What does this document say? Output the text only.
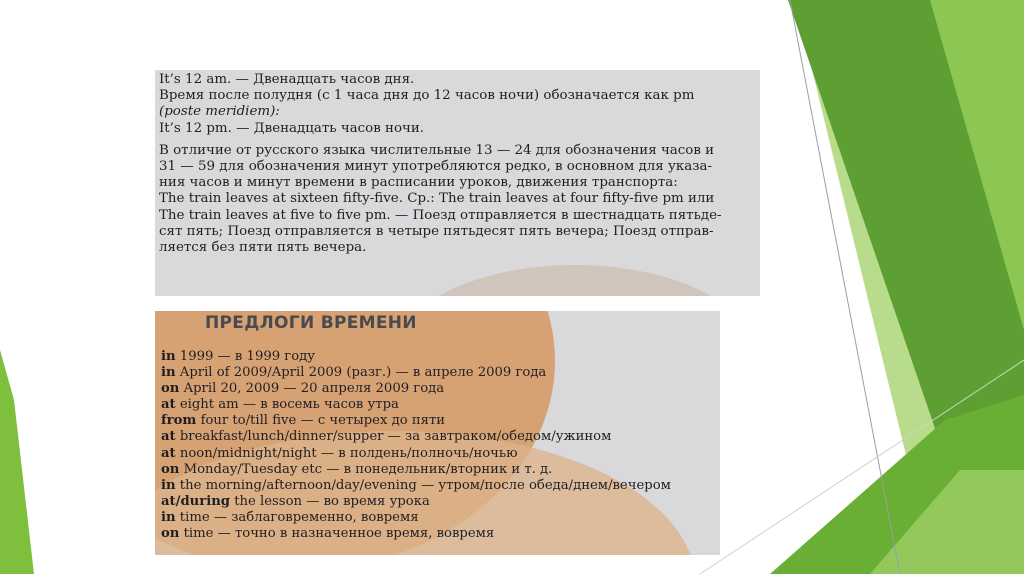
It’s 12 am. — Двенадцать часов дня.
Время после полудня (с 1 часа дня до 12 часов ночи) обозначается как pm
(poste meridiem):
It’s 12 pm. — Двенадцать часов ночи.
В отличие от русского языка числительные 13 — 24 для обозначения часов и
31 — 59 для обозначения минут употребляются редко, в основном для указа-
ния часов и минут времени в расписании уроков, движения транспорта:
The train leaves at sixteen fifty-five. Ср.: The train leaves at four fifty-five pm или
The train leaves at five to five pm. — Поезд отправляется в шестнадцать пятьде-
сят пять; Поезд отправляется в четыре пятьдесят пять вечера; Поезд отправ-
ляется без пяти пять вечера.
ПРЕДЛОГИ ВРЕМЕНИ
in 1999 — в 1999 году
in April of 2009/April 2009 (разг.) — в апреле 2009 года
on April 20, 2009 — 20 апреля 2009 года
at eight am — в восемь часов утра
from four to/till five — с четырех до пяти
at breakfast/lunch/dinner/supper — за завтраком/обедом/ужином
at noon/midnight/night — в полдень/полночь/ночью
on Monday/Tuesday etc — в понедельник/вторник и т. д.
in the morning/afternoon/day/evening — утром/после обеда/днем/вечером
at/during the lesson — во время урока
in time — заблаговременно, вовремя
on time — точно в назначенное время, вовремя
